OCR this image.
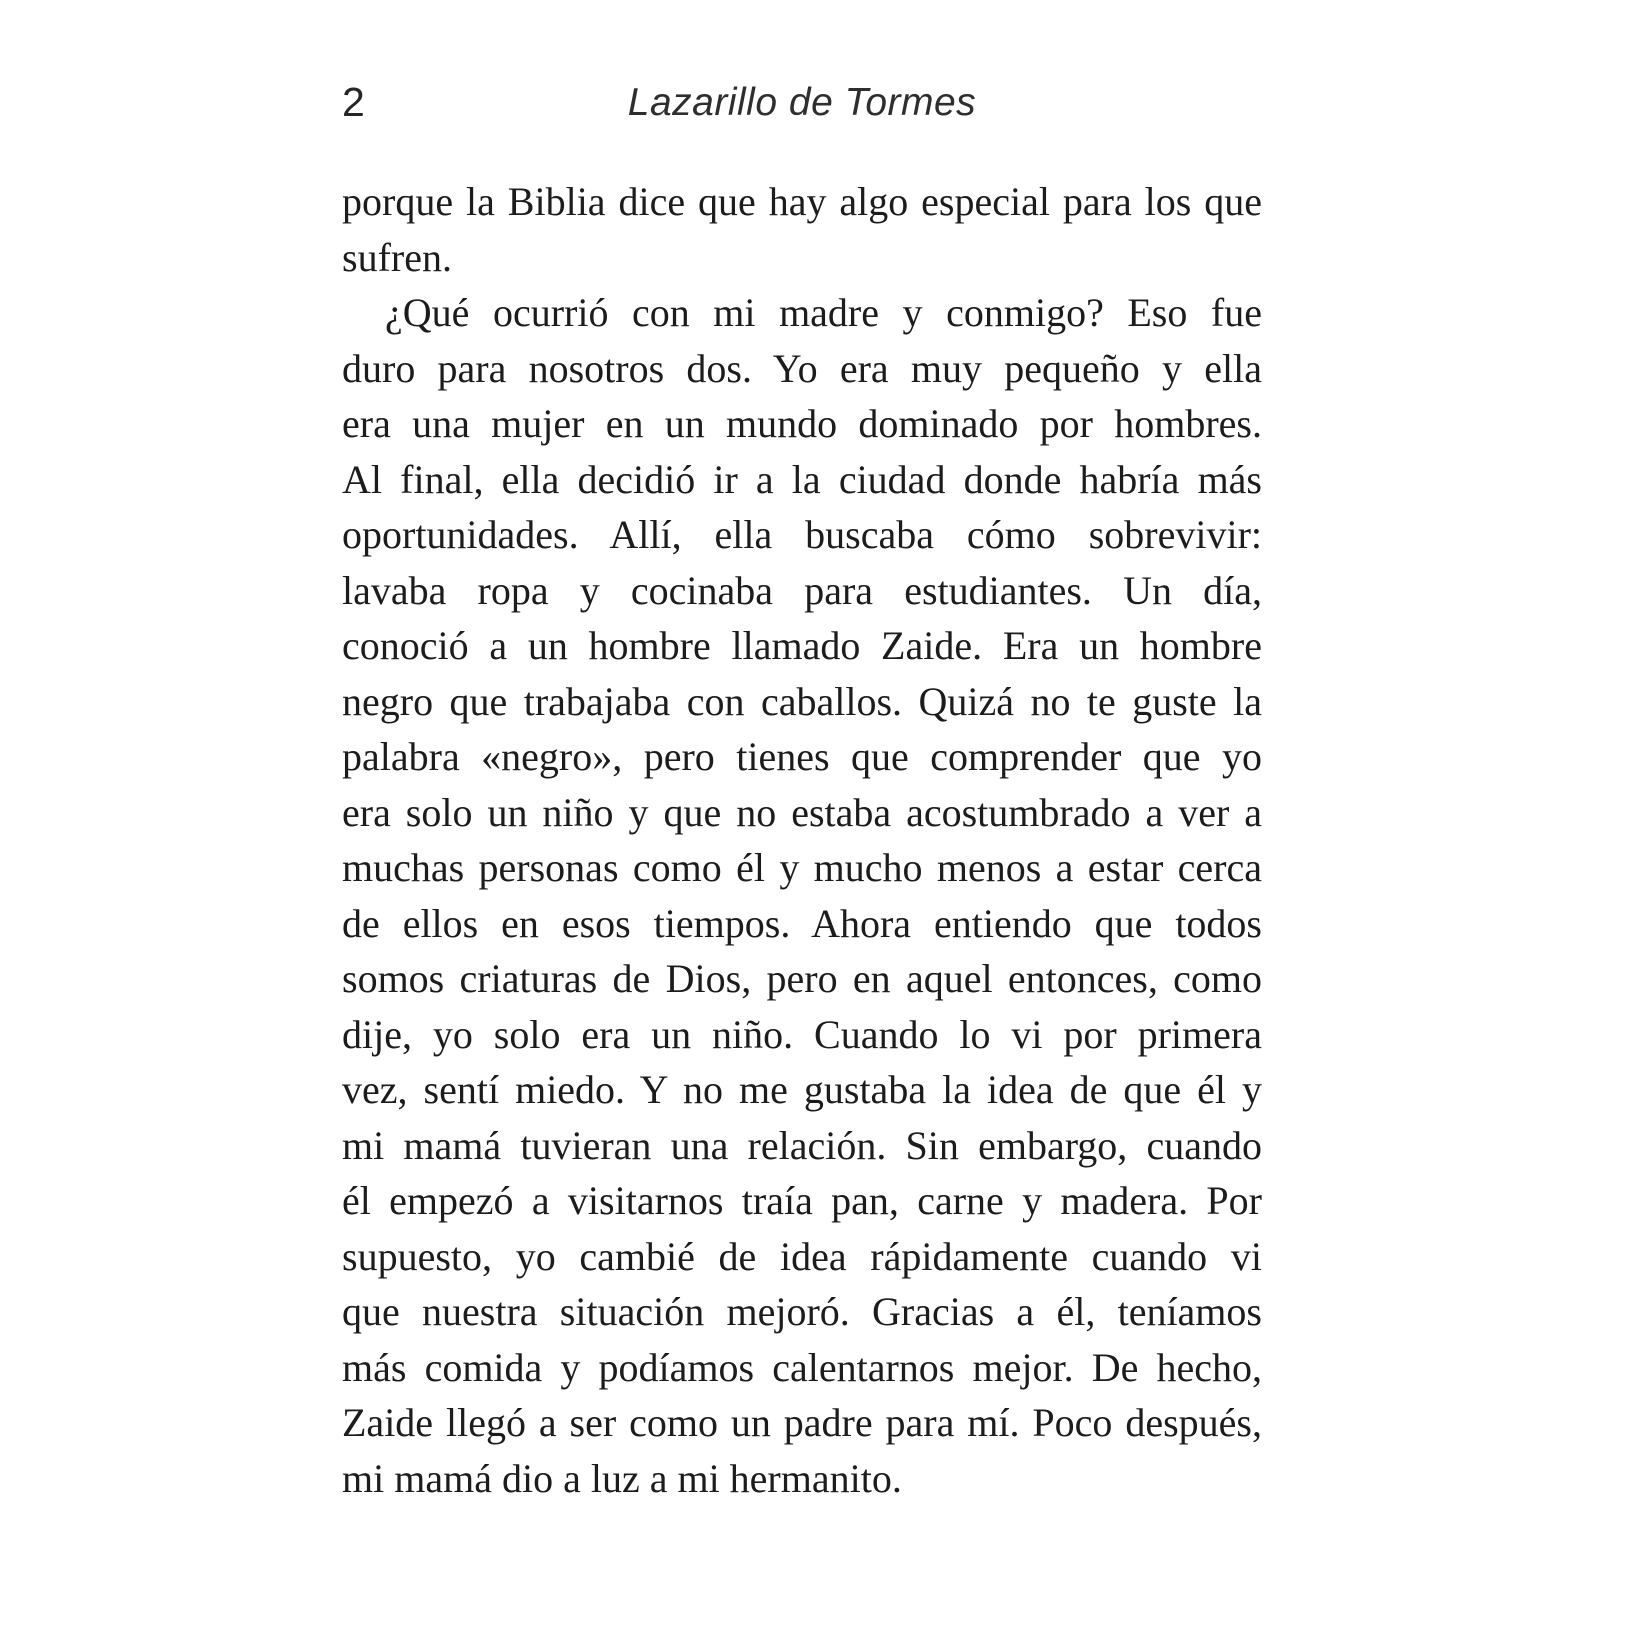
2	Lazarillo de Tormes
porque la Biblia dice que hay algo especial para los que
sufren.
¿Qué ocurrió con mi madre y conmigo? Eso fue
duro para nosotros dos. Yo era muy pequeño y ella
era una mujer en un mundo dominado por hombres.
Al final, ella decidió ir a la ciudad donde habría más
oportunidades. Allí, ella buscaba cómo sobrevivir:
lavaba ropa y cocinaba para estudiantes. Un día,
conoció a un hombre llamado Zaide. Era un hombre
negro que trabajaba con caballos. Quizá no te guste la
palabra «negro», pero tienes que comprender que yo
era solo un niño y que no estaba acostumbrado a ver a
muchas personas como él y mucho menos a estar cerca
de ellos en esos tiempos. Ahora entiendo que todos
somos criaturas de Dios, pero en aquel entonces, como
dije, yo solo era un niño. Cuando lo vi por primera
vez, sentí miedo. Y no me gustaba la idea de que él y
mi mamá tuvieran una relación. Sin embargo, cuando
él empezó a visitarnos traía pan, carne y madera. Por
supuesto, yo cambié de idea rápidamente cuando vi
que nuestra situación mejoró. Gracias a él, teníamos
más comida y podíamos calentarnos mejor. De hecho,
Zaide llegó a ser como un padre para mí. Poco después,
mi mamá dio a luz a mi hermanito.
